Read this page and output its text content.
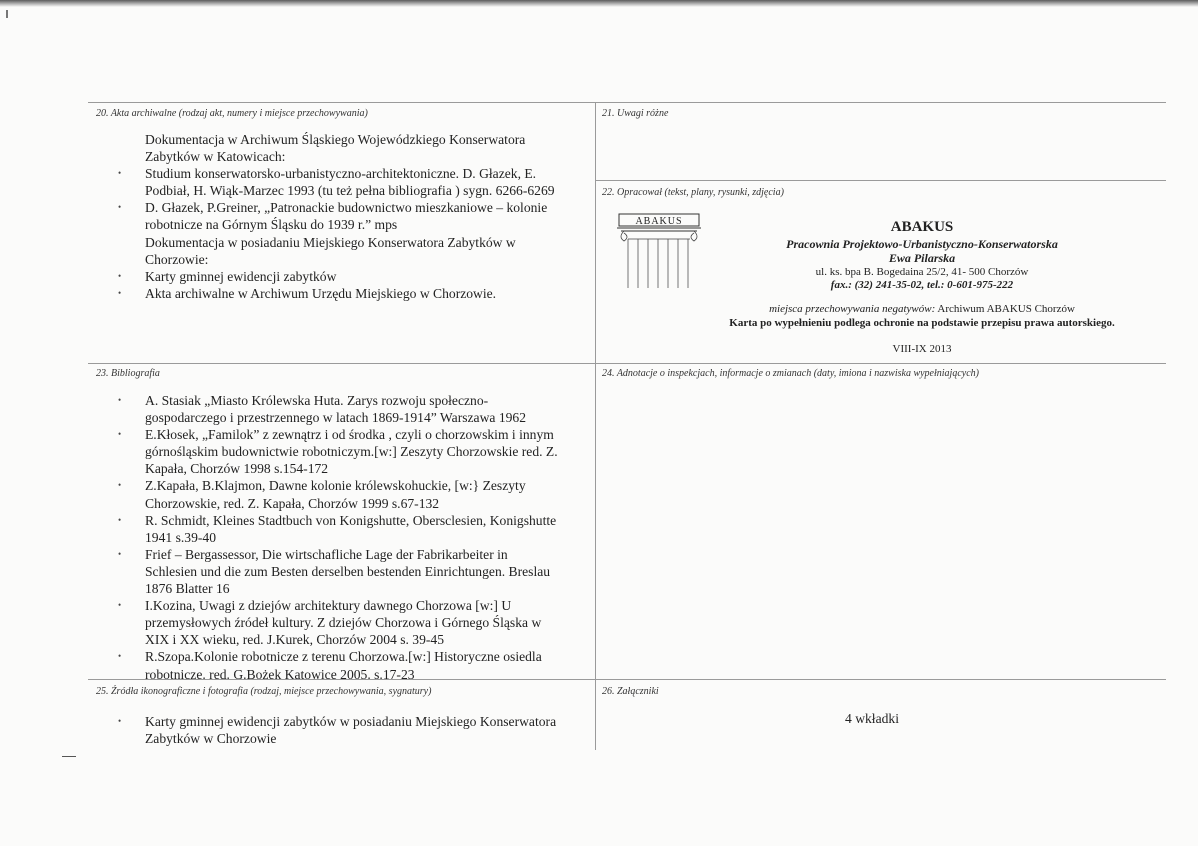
20. Akta archiwalne (rodzaj akt, numery i miejsce przechowywania)
Dokumentacja w Archiwum Śląskiego Wojewódzkiego Konserwatora
Zabytków w Katowicach:
• Studium konserwatorsko-urbanistyczno-architektoniczne. D. Głazek, E.
Podbiał, H. Wiąk-Marzec 1993 (tu też pełna bibliografia ) sygn. 6266-6269
• D. Głazek, P.Greiner, „Patronackie budownictwo mieszkaniowe – kolonie
robotnicze na Górnym Śląsku do 1939 r.” mps
Dokumentacja w posiadaniu Miejskiego Konserwatora Zabytków w
Chorzowie:
• Karty gminnej ewidencji zabytków
• Akta archiwalne w Archiwum Urzędu Miejskiego w Chorzowie.
21. Uwagi różne
22. Opracował (tekst, plany, rysunki, zdjęcia)
ABAKUS	ABAKUS
Pracownia Projektowo-Urbanistyczno-Konserwatorska
Ewa Pilarska
ul. ks. bpa B. Bogedaina 25/2, 41- 500 Chorzów
fax.: (32) 241-35-02, tel.: 0-601-975-222
miejsca przechowywania negatywów: Archiwum ABAKUS Chorzów
Karta po wypełnieniu podlega ochronie na podstawie przepisu prawa autorskiego.
VIII-IX 2013
23. Bibliografia
• A. Stasiak „Miasto Królewska Huta. Zarys rozwoju społeczno-
gospodarczego i przestrzennego w latach 1869-1914” Warszawa 1962
• E.Kłosek, „Familok” z zewnątrz i od środka , czyli o chorzowskim i innym
górnośląskim budownictwie robotniczym.[w:] Zeszyty Chorzowskie red. Z.
Kapała, Chorzów 1998 s.154-172
• Z.Kapała, B.Klajmon, Dawne kolonie królewskohuckie, [w:} Zeszyty
Chorzowskie, red. Z. Kapała, Chorzów 1999 s.67-132
• R. Schmidt, Kleines Stadtbuch von Konigshutte, Obersclesien, Konigshutte
1941 s.39-40
• Frief – Bergassessor, Die wirtschafliche Lage der Fabrikarbeiter in
Schlesien und die zum Besten derselben bestenden Einrichtungen. Breslau
1876 Blatter 16
• I.Kozina, Uwagi z dziejów architektury dawnego Chorzowa [w:] U
przemysłowych źródeł kultury. Z dziejów Chorzowa i Górnego Śląska w
XIX i XX wieku, red. J.Kurek, Chorzów 2004 s. 39-45
• R.Szopa.Kolonie robotnicze z terenu Chorzowa.[w:] Historyczne osiedla
robotnicze. red. G.Bożek Katowice 2005. s.17-23
24. Adnotacje o inspekcjach, informacje o zmianach (daty, imiona i nazwiska wypełniających)
25. Źródła ikonograficzne i fotografia (rodzaj, miejsce przechowywania, sygnatury)
• Karty gminnej ewidencji zabytków w posiadaniu Miejskiego Konserwatora
Zabytków w Chorzowie
26. Załączniki
4 wkładki
